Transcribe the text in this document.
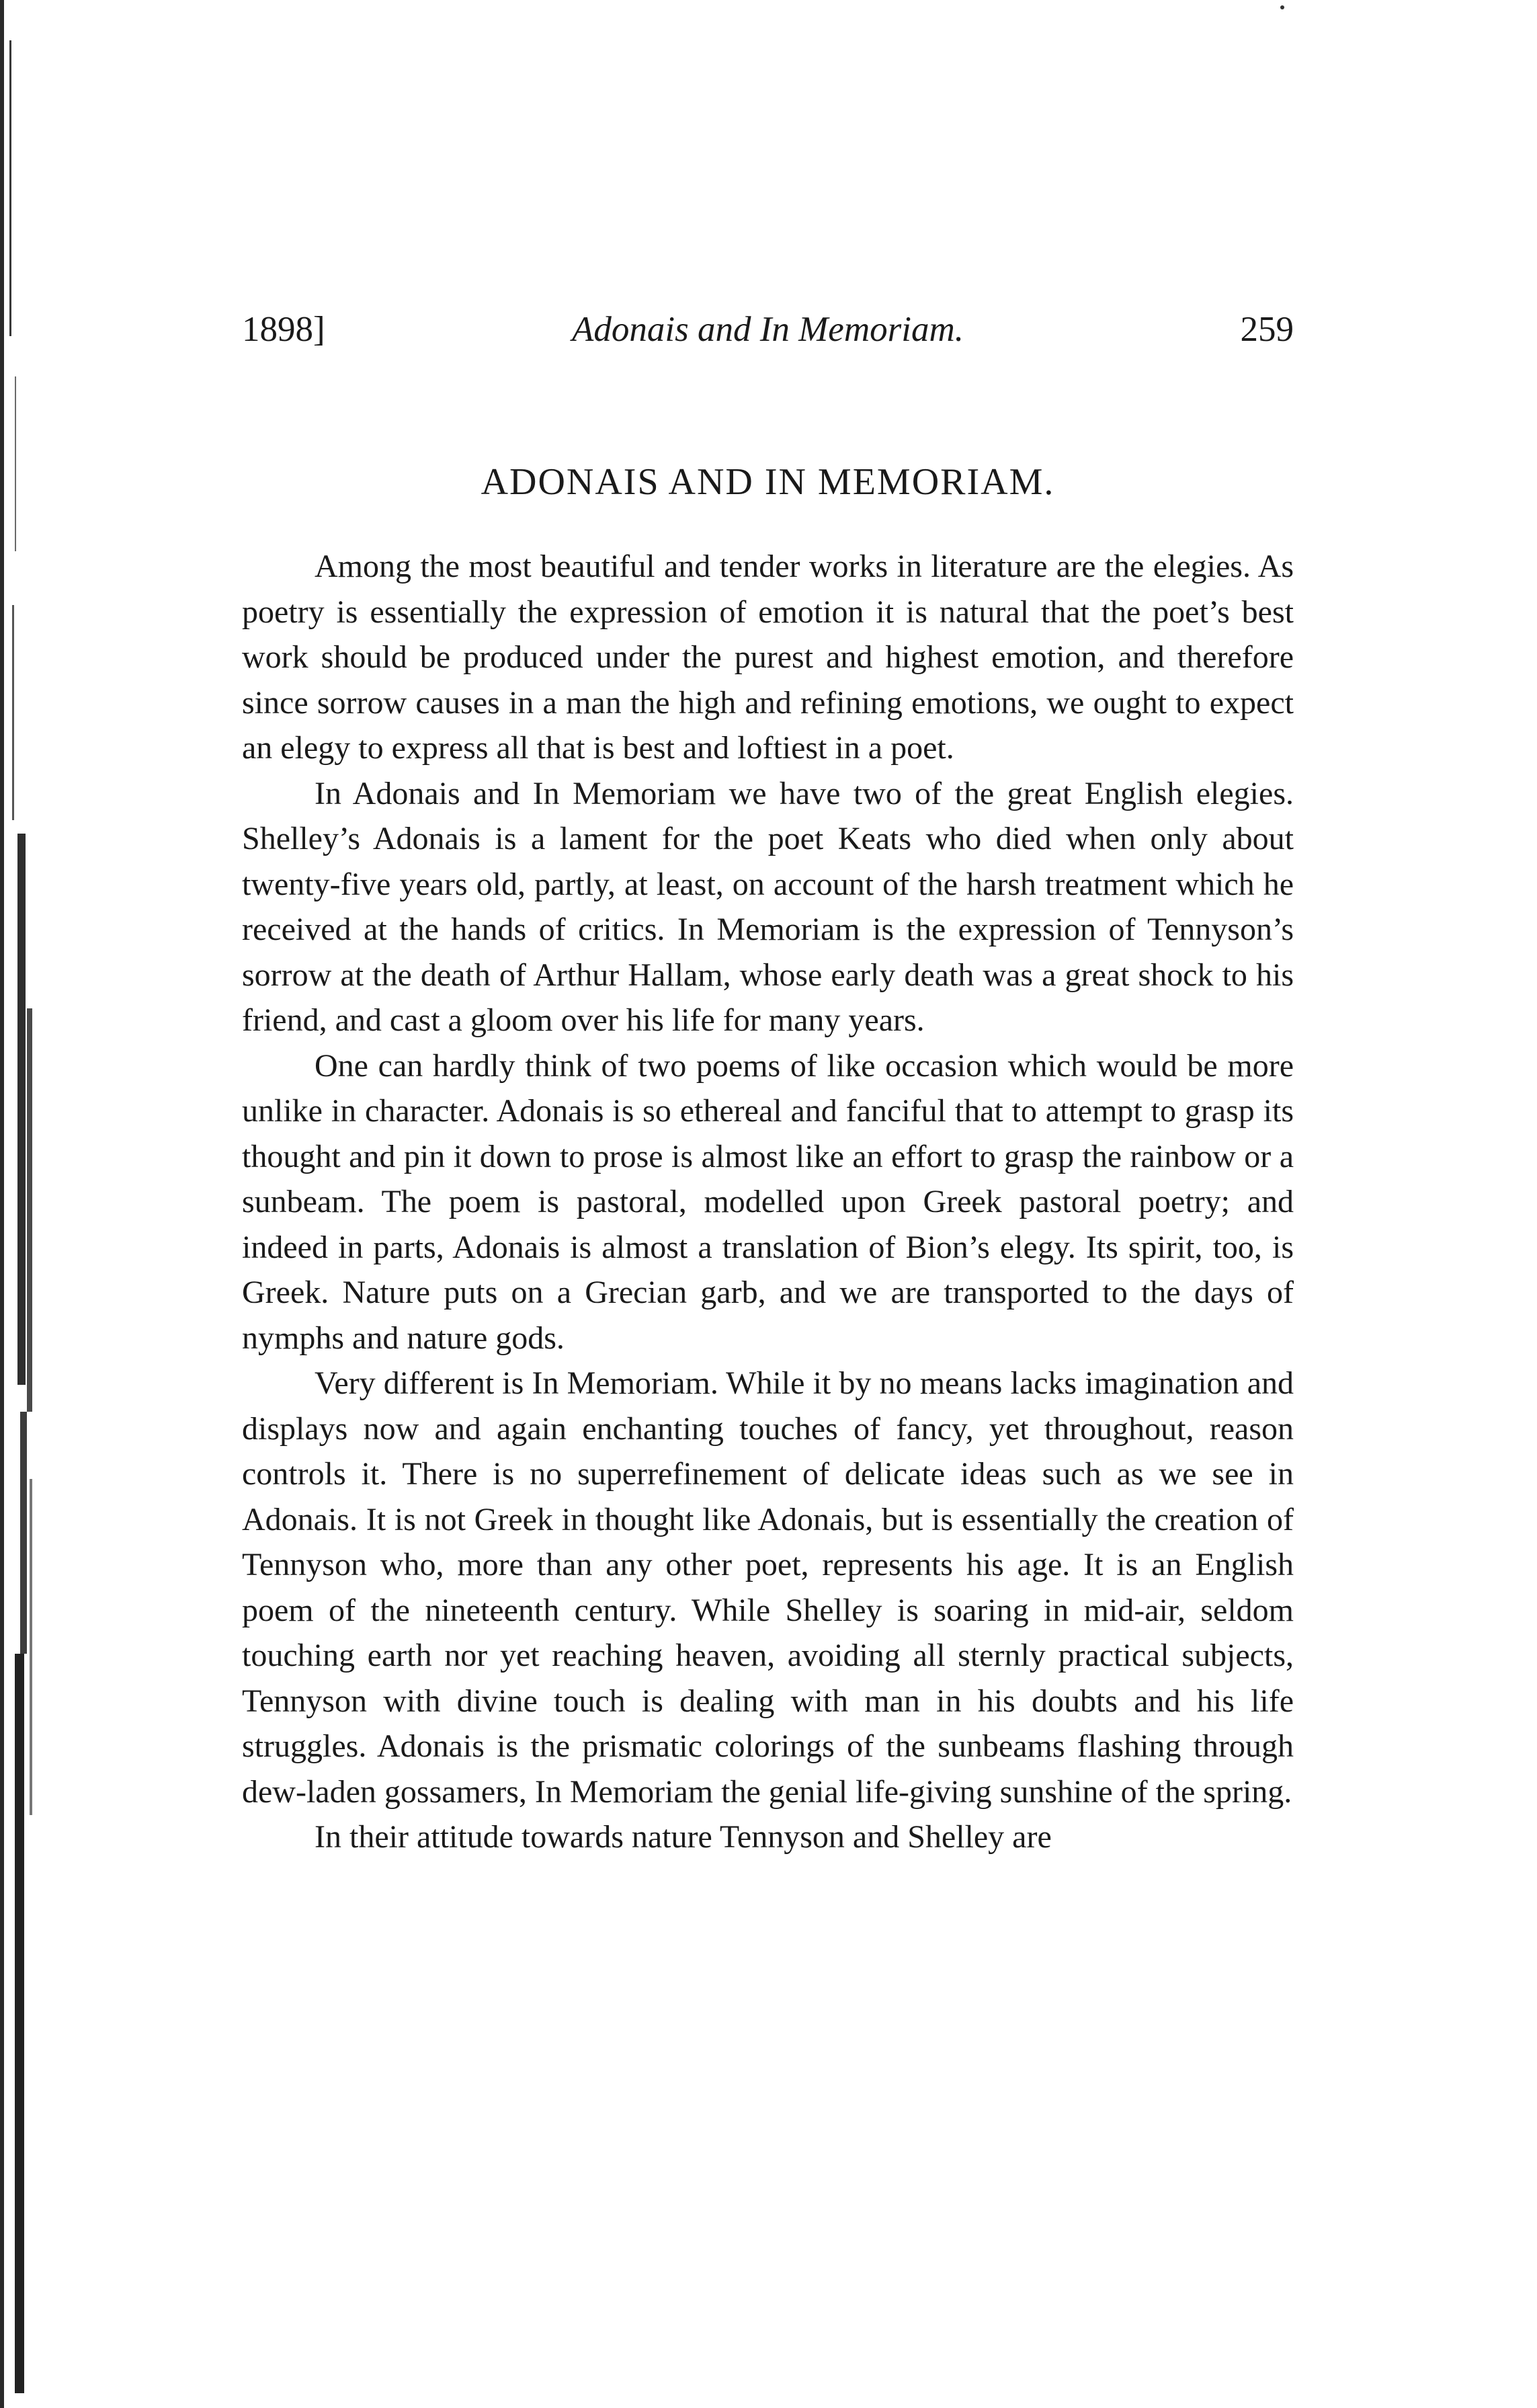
1898]	Adonais and In Memoriam.	259
ADONAIS AND IN MEMORIAM.

Among the most beautiful and tender works in literature are the elegies. As poetry is essentially the expression of emotion it is natural that the poet’s best work should be produced under the purest and highest emotion, and therefore since sorrow causes in a man the high and refining emotions, we ought to expect an elegy to express all that is best and loftiest in a poet.

In Adonais and In Memoriam we have two of the great English elegies. Shelley’s Adonais is a lament for the poet Keats who died when only about twenty-five years old, partly, at least, on account of the harsh treatment which he received at the hands of critics. In Memoriam is the expression of Tennyson’s sorrow at the death of Arthur Hallam, whose early death was a great shock to his friend, and cast a gloom over his life for many years.

One can hardly think of two poems of like occasion which would be more unlike in character. Adonais is so ethereal and fanciful that to attempt to grasp its thought and pin it down to prose is almost like an effort to grasp the rainbow or a sunbeam. The poem is pastoral, modelled upon Greek pastoral poetry; and indeed in parts, Adonais is almost a translation of Bion’s elegy. Its spirit, too, is Greek. Nature puts on a Grecian garb, and we are transported to the days of nymphs and nature gods.

Very different is In Memoriam. While it by no means lacks imagination and displays now and again enchanting touches of fancy, yet throughout, reason controls it. There is no superrefinement of delicate ideas such as we see in Adonais. It is not Greek in thought like Adonais, but is essentially the creation of Tennyson who, more than any other poet, represents his age. It is an English poem of the nineteenth century. While Shelley is soaring in mid-air, seldom touching earth nor yet reaching heaven, avoiding all sternly practical subjects, Tennyson with divine touch is dealing with man in his doubts and his life struggles. Adonais is the prismatic colorings of the sunbeams flashing through dew-laden gossamers, In Memoriam the genial life-giving sunshine of the spring.

In their attitude towards nature Tennyson and Shelley are
